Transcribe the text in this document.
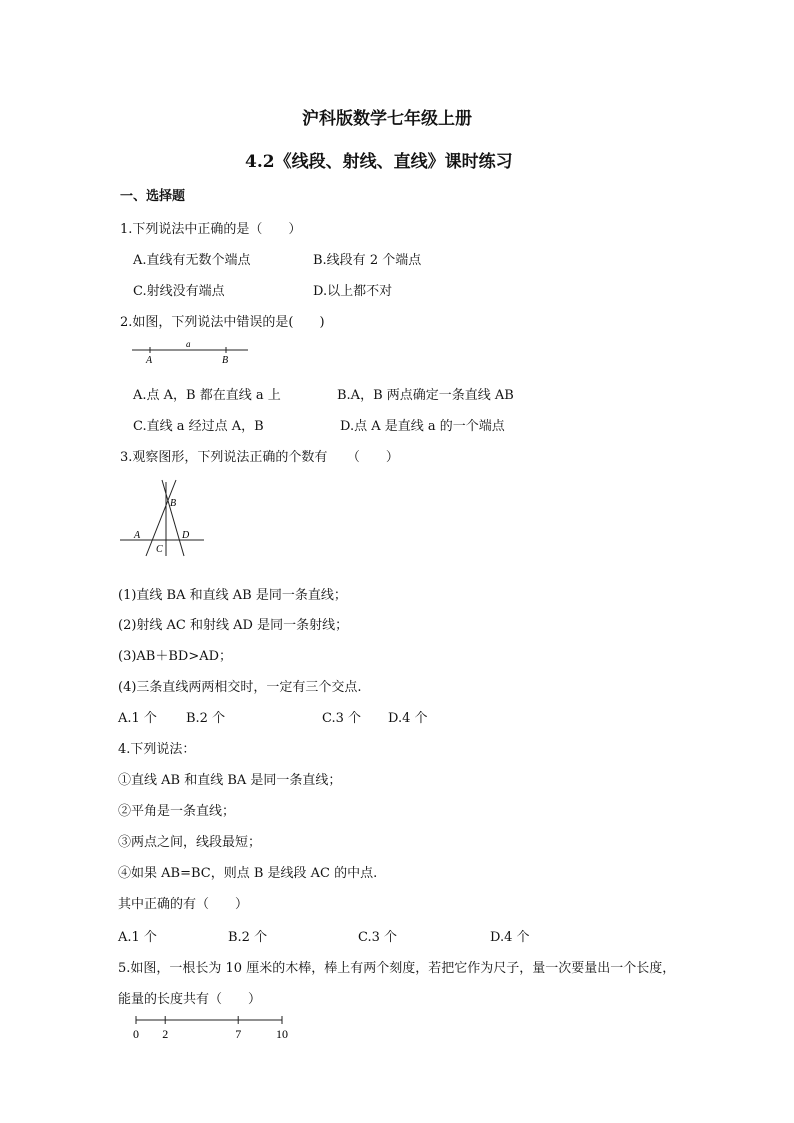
沪科版数学七年级上册
4.2《线段、射线、直线》课时练习
一、选择题
1.下列说法中正确的是（　　）
A.直线有无数个端点	B.线段有 2 个端点
C.射线没有端点	D.以上都不对
2.如图，下列说法中错误的是(　　)
a
A	B
A.点 A，B 都在直线 a 上	B.A，B 两点确定一条直线 AB
C.直线 a 经过点 A，B	D.点 A 是直线 a 的一个端点
3.观察图形，下列说法正确的个数有　　（　　）
B
A	D
C
(1)直线 BA 和直线 AB 是同一条直线；
(2)射线 AC 和射线 AD 是同一条射线；
(3)AB＋BD>AD；
(4)三条直线两两相交时，一定有三个交点.
A.1 个 B.2 个	C.3 个 D.4 个
4.下列说法：
①直线 AB 和直线 BA 是同一条直线；
②平角是一条直线；
③两点之间，线段最短；
④如果 AB=BC，则点 B 是线段 AC 的中点.
其中正确的有（　　）
A.1 个	B.2 个	C.3 个	D.4 个
5.如图，一根长为 10 厘米的木棒，棒上有两个刻度，若把它作为尺子，量一次要量出一个长度，
能量的长度共有（　　）
0 2	7	10
